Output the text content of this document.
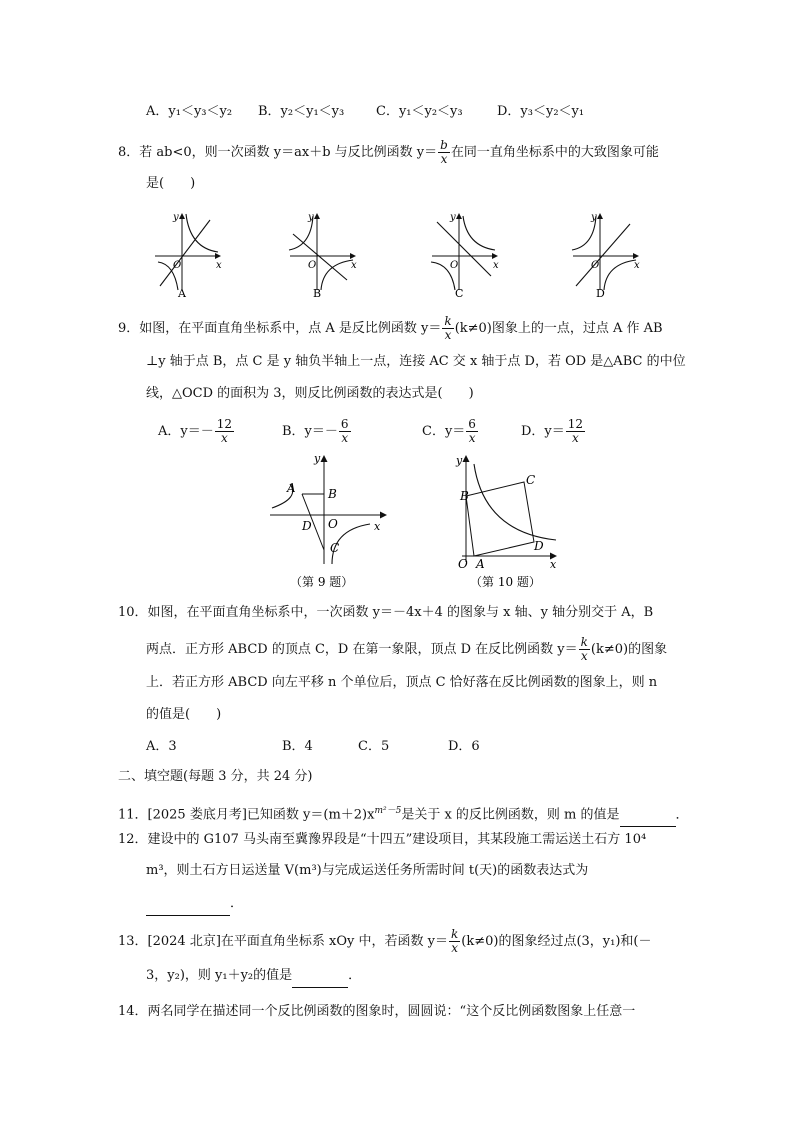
A．y₁＜y₃＜y₂ B．y₂＜y₁＜y₃ C．y₁＜y₂＜y₃	D．y₃＜y₂＜y₁
8．若 ab<0，则一次函数 y＝ax＋b 与反比例函数 $y= \frac{b}{x}$ 在同一直角坐标系中的大致图象可能
是(　　)
y
x
O
A
y
x
O
B
y
x
O
C
y
x
O
D
9．如图，在平面直角坐标系中，点 A 是反比例函数 $y= \frac{k}{x} (k\ne 0)$图象上的一点，过点 A 作 AB
⊥y 轴于点 B，点 C 是 y 轴负半轴上一点，连接 AC 交 x 轴于点 D，若 OD 是△ABC 的中位
线，△OCD 的面积为 3，则反比例函数的表达式是(　　)
A．$y=- \frac{12}{x}$	B．$y=- \frac{6}{x}$	C．$y= \frac{6}{x}$	D．$y= \frac{12}{x}$
A	B
C
D O	x
y
（第 9 题）
B
C
D
A
O	x
y
（第 10 题）
10．如图，在平面直角坐标系中，一次函数 y＝－4x＋4 的图象与 x 轴、y 轴分别交于 A，B
两点．正方形 ABCD 的顶点 C，D 在第一象限，顶点 D 在反比例函数 $y= \frac{k}{x} (k\ne 0)$的图象
上．若正方形 ABCD 向左平移 n 个单位后，顶点 C 恰好落在反比例函数的图象上，则 n
的值是(　　)
A．3	B．4	C．5	D．6
二、填空题(每题 3 分，共 24 分)
11．[2025 娄底月考]已知函数 $y=(m+2)x^{m^2-5}$是关于 x 的反比例函数，则 m 的值是	．
12．建设中的 G107 马头南至冀豫界段是“十四五”建设项目，其某段施工需运送土石方 10⁴
m³，则土石方日运送量 V(m³)与完成运送任务所需时间 t(天)的函数表达式为
．
13．[2024 北京]在平面直角坐标系 xOy 中，若函数 $y= \frac{k}{x} (k\ne 0)$的图象经过点(3，y₁)和(－
3，y₂)，则 y₁＋y₂的值是	．
14．两名同学在描述同一个反比例函数的图象时，圆圆说：“这个反比例函数图象上任意一
